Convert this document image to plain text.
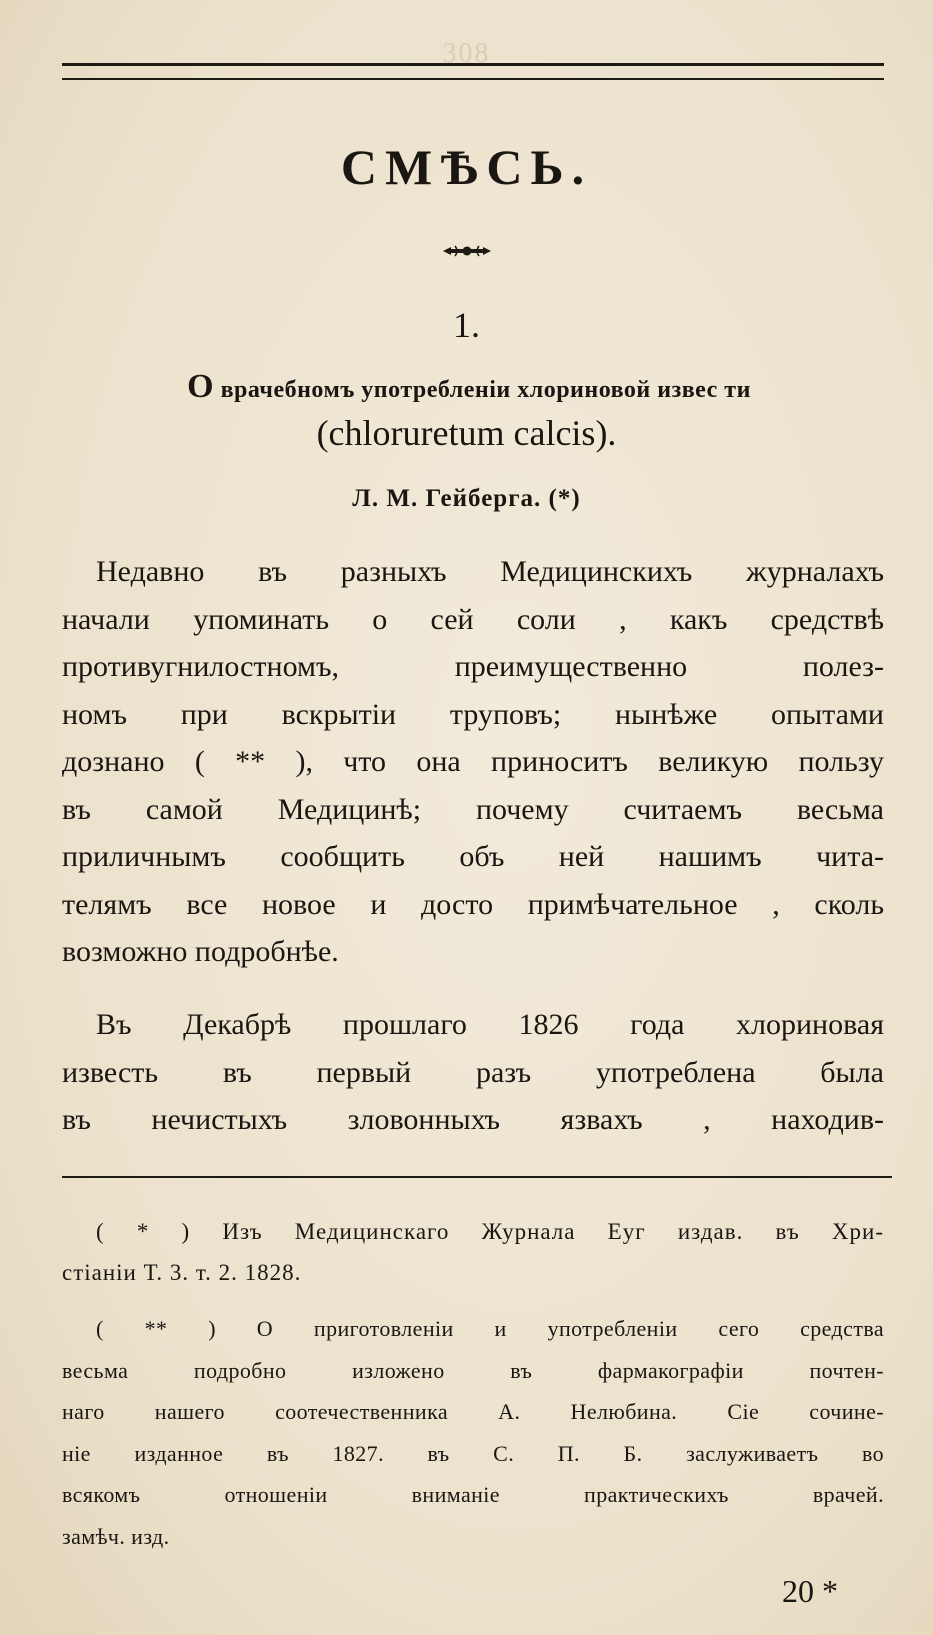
308
СМѢСЬ.
1.
О врачебномъ употребленіи хлориновой извес ти
(chloruretum calcis).
Л. М. Гейберга. (*)
Недавно въ разныхъ Медицинскихъ журналахъ
начали упоминать о сей соли , какъ средствѣ
противугнилостномъ, преимущественно полез-
номъ при вскрытіи труповъ; нынѣже опытами
дознано ( ** ), что она приноситъ великую пользу
въ самой Медицинѣ; почему считаемъ весьма
приличнымъ сообщить объ ней нашимъ чита-
телямъ все новое и досто примѣчательное , сколь
возможно подробнѣе.
Въ Декабрѣ прошлаго 1826 года хлориновая
известь въ первый разъ употреблена была
въ нечистыхъ зловонныхъ язвахъ , находив-
( * ) Изъ Медицинскаго Журнала Еуг издав. въ Хри-
стіаніи Т. 3. т. 2. 1828.
( ** ) О приготовленіи и употребленіи сего средства
весьма подробно изложено въ фармакографіи почтен-
наго нашего соотечественника А. Нелюбина. Сіе сочине-
ніе изданное въ 1827. въ С. П. Б. заслуживаетъ во
всякомъ отношеніи вниманіе практическихъ врачей.
замѣч. изд.
20 *
